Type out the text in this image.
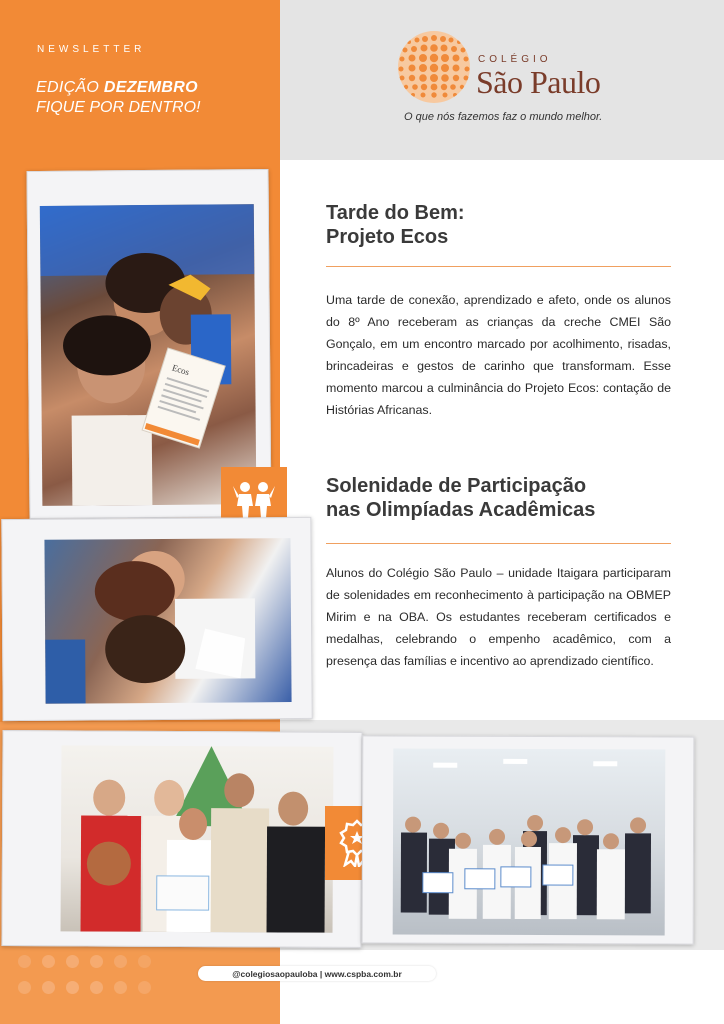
NEWSLETTER
EDIÇÃO DEZEMBRO
FIQUE POR DENTRO!
COLÉGIO
São Paulo
O que nós fazemos faz o mundo melhor.
Tarde do Bem:
Projeto Ecos
Uma tarde de conexão, aprendizado e afeto, onde os alunos do 8º Ano receberam as crianças da creche CMEI São Gonçalo, em um encontro marcado por acolhimento, risadas, brincadeiras e gestos de carinho que transformam. Esse momento marcou a culminância do Projeto Ecos: contação de Histórias Africanas.
Solenidade de Participação
nas Olimpíadas Acadêmicas
Alunos do Colégio São Paulo – unidade Itaigara participaram de solenidades em reconhecimento à participação na OBMEP Mirim e na OBA. Os estudantes receberam certificados e medalhas, celebrando o empenho acadêmico, com a presença das famílias e incentivo ao aprendizado científico.
Ecos
@colegiosaopauloba | www.cspba.com.br
